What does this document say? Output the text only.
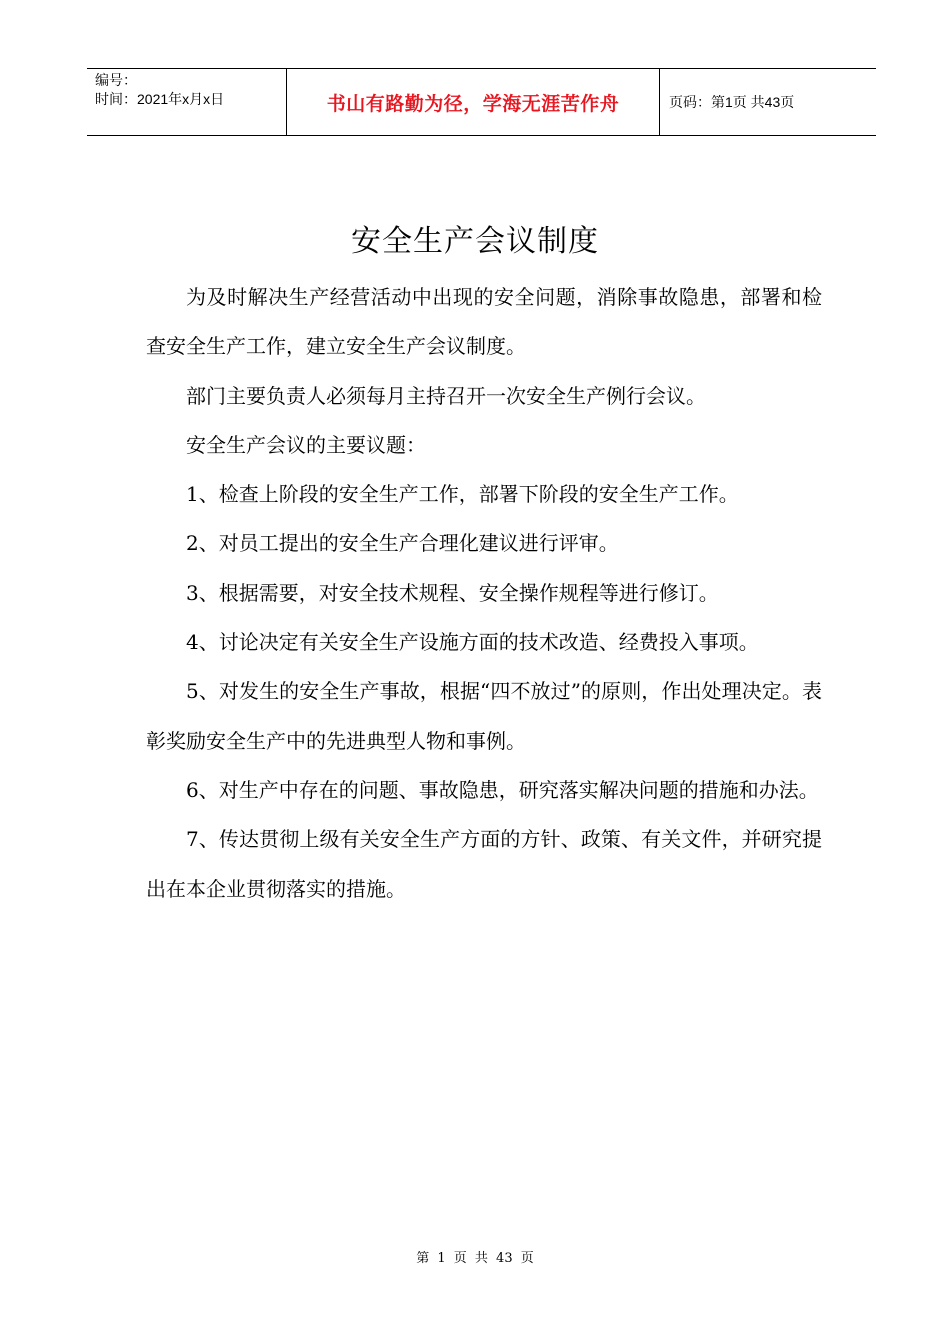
编号：
时间：2021年x月x日	书山有路勤为径，学海无涯苦作舟	页码：第1页 共43页
安全生产会议制度

为及时解决生产经营活动中出现的安全问题，消除事故隐患，部署和检查安全生产工作，建立安全生产会议制度。

部门主要负责人必须每月主持召开一次安全生产例行会议。

安全生产会议的主要议题：

1、检查上阶段的安全生产工作，部署下阶段的安全生产工作。

2、对员工提出的安全生产合理化建议进行评审。

3、根据需要，对安全技术规程、安全操作规程等进行修订。

4、讨论决定有关安全生产设施方面的技术改造、经费投入事项。

5、对发生的安全生产事故，根据“四不放过”的原则，作出处理决定。表彰奖励安全生产中的先进典型人物和事例。

6、对生产中存在的问题、事故隐患，研究落实解决问题的措施和办法。

7、传达贯彻上级有关安全生产方面的方针、政策、有关文件，并研究提出在本企业贯彻落实的措施。

第 1 页 共 43 页
